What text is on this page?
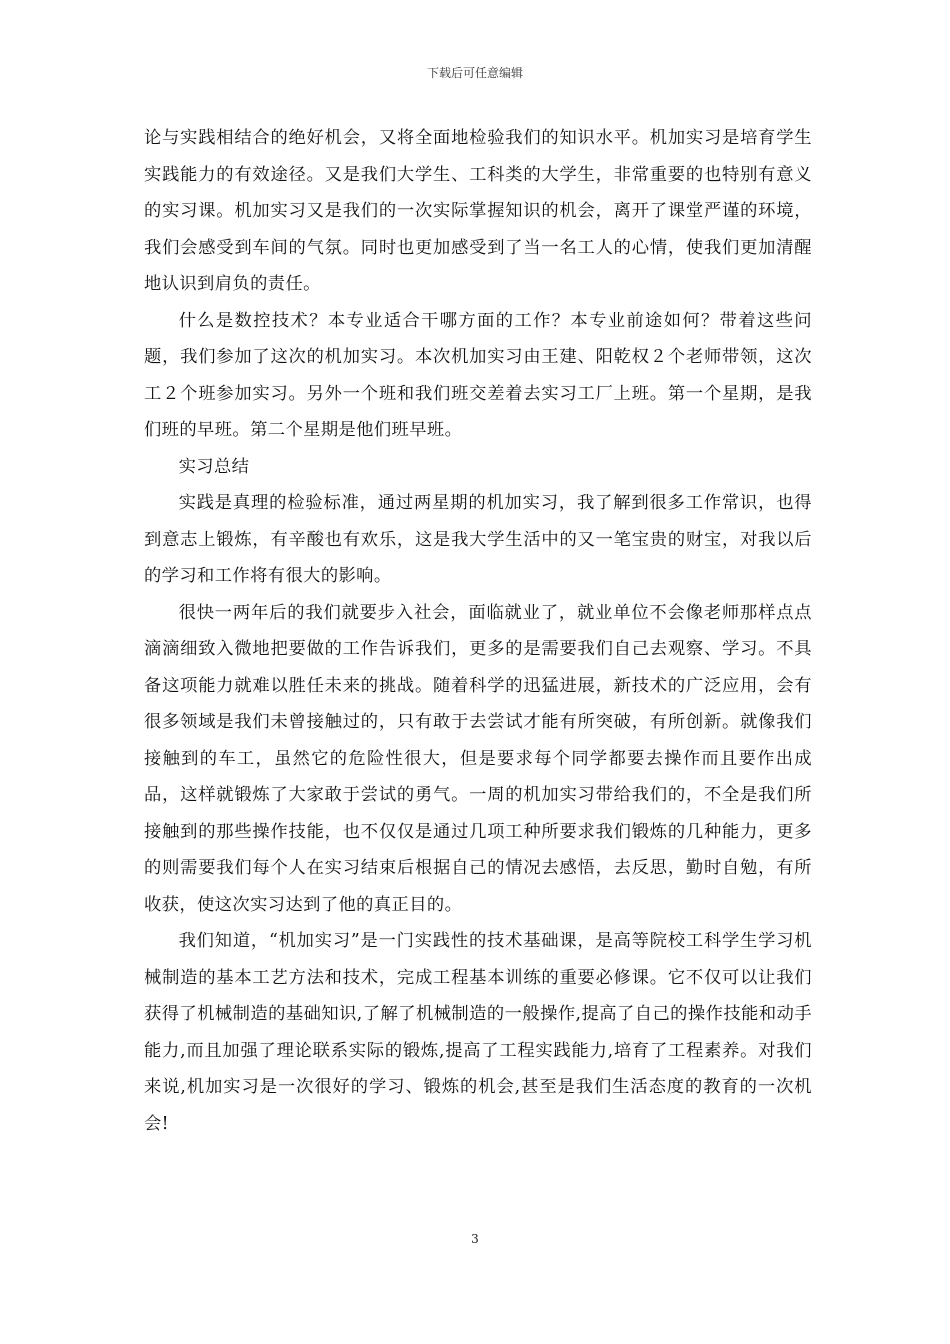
下载后可任意编辑

论与实践相结合的绝好机会，又将全面地检验我们的知识水平。机加实习是培育学生实践能力的有效途径。又是我们大学生、工科类的大学生，非常重要的也特别有意义的实习课。机加实习又是我们的一次实际掌握知识的机会，离开了课堂严谨的环境，我们会感受到车间的气氛。同时也更加感受到了当一名工人的心情，使我们更加清醒地认识到肩负的责任。

什么是数控技术？本专业适合干哪方面的工作？本专业前途如何？带着这些问题，我们参加了这次的机加实习。本次机加实习由王建、阳乾权２个老师带领，这次工２个班参加实习。另外一个班和我们班交差着去实习工厂上班。第一个星期，是我们班的早班。第二个星期是他们班早班。

实习总结

实践是真理的检验标准，通过两星期的机加实习，我了解到很多工作常识，也得到意志上锻炼，有辛酸也有欢乐，这是我大学生活中的又一笔宝贵的财宝，对我以后的学习和工作将有很大的影响。

很快一两年后的我们就要步入社会，面临就业了，就业单位不会像老师那样点点滴滴细致入微地把要做的工作告诉我们，更多的是需要我们自己去观察、学习。不具备这项能力就难以胜任未来的挑战。随着科学的迅猛进展，新技术的广泛应用，会有很多领域是我们未曾接触过的，只有敢于去尝试才能有所突破，有所创新。就像我们接触到的车工，虽然它的危险性很大，但是要求每个同学都要去操作而且要作出成品，这样就锻炼了大家敢于尝试的勇气。一周的机加实习带给我们的，不全是我们所接触到的那些操作技能，也不仅仅是通过几项工种所要求我们锻炼的几种能力，更多的则需要我们每个人在实习结束后根据自己的情况去感悟，去反思，勤时自勉，有所收获，使这次实习达到了他的真正目的。

我们知道，“机加实习”是一门实践性的技术基础课，是高等院校工科学生学习机械制造的基本工艺方法和技术，完成工程基本训练的重要必修课。它不仅可以让我们获得了机械制造的基础知识,了解了机械制造的一般操作,提高了自己的操作技能和动手能力,而且加强了理论联系实际的锻炼,提高了工程实践能力,培育了工程素养。对我们来说,机加实习是一次很好的学习、锻炼的机会,甚至是我们生活态度的教育的一次机会!

3
